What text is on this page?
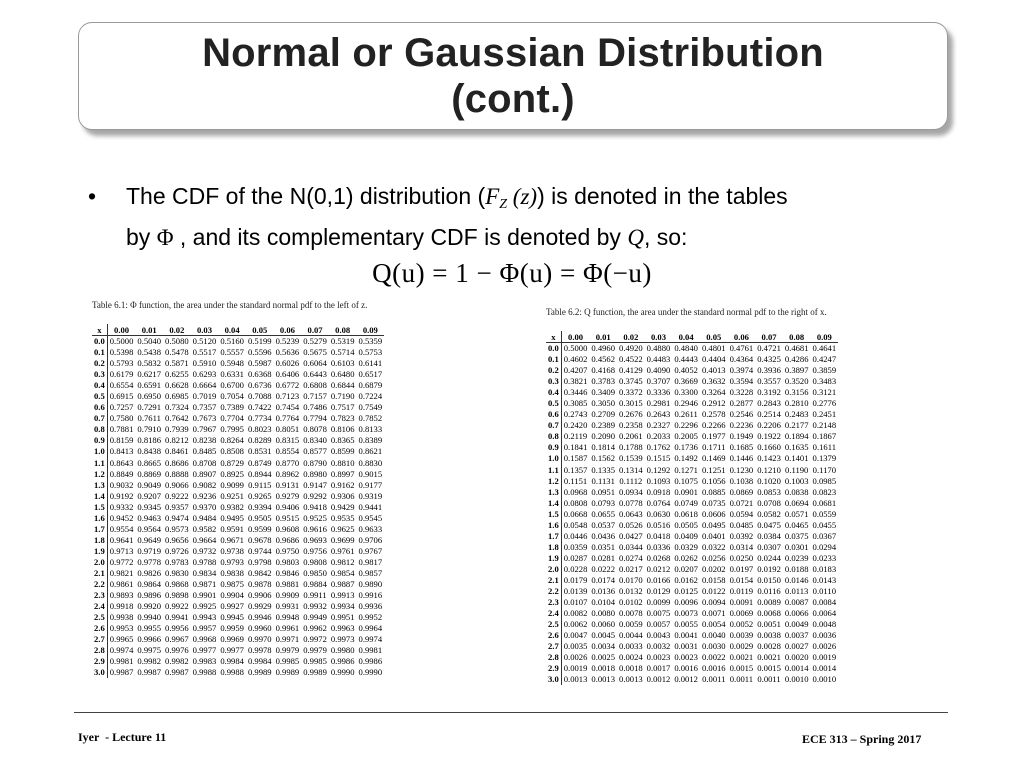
Normal or Gaussian Distribution
(cont.)
• The CDF of the N(0,1) distribution ($F_Z$ (z)) is denoted in the tables
by Φ , and its complementary CDF is denoted by Q, so:
Q(u) = 1 − Φ(u) = Φ(−u)
Table 6.1: Φ function, the area under the standard normal pdf to the left of z.
x	0.00	0.01	0.02	0.03	0.04	0.05	0.06	0.07	0.08	0.09
0.0	0.5000	0.5040	0.5080	0.5120	0.5160	0.5199	0.5239	0.5279	0.5319	0.5359
0.1	0.5398	0.5438	0.5478	0.5517	0.5557	0.5596	0.5636	0.5675	0.5714	0.5753
0.2	0.5793	0.5832	0.5871	0.5910	0.5948	0.5987	0.6026	0.6064	0.6103	0.6141
0.3	0.6179	0.6217	0.6255	0.6293	0.6331	0.6368	0.6406	0.6443	0.6480	0.6517
0.4	0.6554	0.6591	0.6628	0.6664	0.6700	0.6736	0.6772	0.6808	0.6844	0.6879
0.5	0.6915	0.6950	0.6985	0.7019	0.7054	0.7088	0.7123	0.7157	0.7190	0.7224
0.6	0.7257	0.7291	0.7324	0.7357	0.7389	0.7422	0.7454	0.7486	0.7517	0.7549
0.7	0.7580	0.7611	0.7642	0.7673	0.7704	0.7734	0.7764	0.7794	0.7823	0.7852
0.8	0.7881	0.7910	0.7939	0.7967	0.7995	0.8023	0.8051	0.8078	0.8106	0.8133
0.9	0.8159	0.8186	0.8212	0.8238	0.8264	0.8289	0.8315	0.8340	0.8365	0.8389
1.0	0.8413	0.8438	0.8461	0.8485	0.8508	0.8531	0.8554	0.8577	0.8599	0.8621
1.1	0.8643	0.8665	0.8686	0.8708	0.8729	0.8749	0.8770	0.8790	0.8810	0.8830
1.2	0.8849	0.8869	0.8888	0.8907	0.8925	0.8944	0.8962	0.8980	0.8997	0.9015
1.3	0.9032	0.9049	0.9066	0.9082	0.9099	0.9115	0.9131	0.9147	0.9162	0.9177
1.4	0.9192	0.9207	0.9222	0.9236	0.9251	0.9265	0.9279	0.9292	0.9306	0.9319
1.5	0.9332	0.9345	0.9357	0.9370	0.9382	0.9394	0.9406	0.9418	0.9429	0.9441
1.6	0.9452	0.9463	0.9474	0.9484	0.9495	0.9505	0.9515	0.9525	0.9535	0.9545
1.7	0.9554	0.9564	0.9573	0.9582	0.9591	0.9599	0.9608	0.9616	0.9625	0.9633
1.8	0.9641	0.9649	0.9656	0.9664	0.9671	0.9678	0.9686	0.9693	0.9699	0.9706
1.9	0.9713	0.9719	0.9726	0.9732	0.9738	0.9744	0.9750	0.9756	0.9761	0.9767
2.0	0.9772	0.9778	0.9783	0.9788	0.9793	0.9798	0.9803	0.9808	0.9812	0.9817
2.1	0.9821	0.9826	0.9830	0.9834	0.9838	0.9842	0.9846	0.9850	0.9854	0.9857
2.2	0.9861	0.9864	0.9868	0.9871	0.9875	0.9878	0.9881	0.9884	0.9887	0.9890
2.3	0.9893	0.9896	0.9898	0.9901	0.9904	0.9906	0.9909	0.9911	0.9913	0.9916
2.4	0.9918	0.9920	0.9922	0.9925	0.9927	0.9929	0.9931	0.9932	0.9934	0.9936
2.5	0.9938	0.9940	0.9941	0.9943	0.9945	0.9946	0.9948	0.9949	0.9951	0.9952
2.6	0.9953	0.9955	0.9956	0.9957	0.9959	0.9960	0.9961	0.9962	0.9963	0.9964
2.7	0.9965	0.9966	0.9967	0.9968	0.9969	0.9970	0.9971	0.9972	0.9973	0.9974
2.8	0.9974	0.9975	0.9976	0.9977	0.9977	0.9978	0.9979	0.9979	0.9980	0.9981
2.9	0.9981	0.9982	0.9982	0.9983	0.9984	0.9984	0.9985	0.9985	0.9986	0.9986
3.0	0.9987	0.9987	0.9987	0.9988	0.9988	0.9989	0.9989	0.9989	0.9990	0.9990
Table 6.2: Q function, the area under the standard normal pdf to the right of x.
x	0.00	0.01	0.02	0.03	0.04	0.05	0.06	0.07	0.08	0.09
0.0	0.5000	0.4960	0.4920	0.4880	0.4840	0.4801	0.4761	0.4721	0.4681	0.4641
0.1	0.4602	0.4562	0.4522	0.4483	0.4443	0.4404	0.4364	0.4325	0.4286	0.4247
0.2	0.4207	0.4168	0.4129	0.4090	0.4052	0.4013	0.3974	0.3936	0.3897	0.3859
0.3	0.3821	0.3783	0.3745	0.3707	0.3669	0.3632	0.3594	0.3557	0.3520	0.3483
0.4	0.3446	0.3409	0.3372	0.3336	0.3300	0.3264	0.3228	0.3192	0.3156	0.3121
0.5	0.3085	0.3050	0.3015	0.2981	0.2946	0.2912	0.2877	0.2843	0.2810	0.2776
0.6	0.2743	0.2709	0.2676	0.2643	0.2611	0.2578	0.2546	0.2514	0.2483	0.2451
0.7	0.2420	0.2389	0.2358	0.2327	0.2296	0.2266	0.2236	0.2206	0.2177	0.2148
0.8	0.2119	0.2090	0.2061	0.2033	0.2005	0.1977	0.1949	0.1922	0.1894	0.1867
0.9	0.1841	0.1814	0.1788	0.1762	0.1736	0.1711	0.1685	0.1660	0.1635	0.1611
1.0	0.1587	0.1562	0.1539	0.1515	0.1492	0.1469	0.1446	0.1423	0.1401	0.1379
1.1	0.1357	0.1335	0.1314	0.1292	0.1271	0.1251	0.1230	0.1210	0.1190	0.1170
1.2	0.1151	0.1131	0.1112	0.1093	0.1075	0.1056	0.1038	0.1020	0.1003	0.0985
1.3	0.0968	0.0951	0.0934	0.0918	0.0901	0.0885	0.0869	0.0853	0.0838	0.0823
1.4	0.0808	0.0793	0.0778	0.0764	0.0749	0.0735	0.0721	0.0708	0.0694	0.0681
1.5	0.0668	0.0655	0.0643	0.0630	0.0618	0.0606	0.0594	0.0582	0.0571	0.0559
1.6	0.0548	0.0537	0.0526	0.0516	0.0505	0.0495	0.0485	0.0475	0.0465	0.0455
1.7	0.0446	0.0436	0.0427	0.0418	0.0409	0.0401	0.0392	0.0384	0.0375	0.0367
1.8	0.0359	0.0351	0.0344	0.0336	0.0329	0.0322	0.0314	0.0307	0.0301	0.0294
1.9	0.0287	0.0281	0.0274	0.0268	0.0262	0.0256	0.0250	0.0244	0.0239	0.0233
2.0	0.0228	0.0222	0.0217	0.0212	0.0207	0.0202	0.0197	0.0192	0.0188	0.0183
2.1	0.0179	0.0174	0.0170	0.0166	0.0162	0.0158	0.0154	0.0150	0.0146	0.0143
2.2	0.0139	0.0136	0.0132	0.0129	0.0125	0.0122	0.0119	0.0116	0.0113	0.0110
2.3	0.0107	0.0104	0.0102	0.0099	0.0096	0.0094	0.0091	0.0089	0.0087	0.0084
2.4	0.0082	0.0080	0.0078	0.0075	0.0073	0.0071	0.0069	0.0068	0.0066	0.0064
2.5	0.0062	0.0060	0.0059	0.0057	0.0055	0.0054	0.0052	0.0051	0.0049	0.0048
2.6	0.0047	0.0045	0.0044	0.0043	0.0041	0.0040	0.0039	0.0038	0.0037	0.0036
2.7	0.0035	0.0034	0.0033	0.0032	0.0031	0.0030	0.0029	0.0028	0.0027	0.0026
2.8	0.0026	0.0025	0.0024	0.0023	0.0023	0.0022	0.0021	0.0021	0.0020	0.0019
2.9	0.0019	0.0018	0.0018	0.0017	0.0016	0.0016	0.0015	0.0015	0.0014	0.0014
3.0	0.0013	0.0013	0.0013	0.0012	0.0012	0.0011	0.0011	0.0011	0.0010	0.0010
Iyer  - Lecture 11	ECE 313 – Spring 2017
